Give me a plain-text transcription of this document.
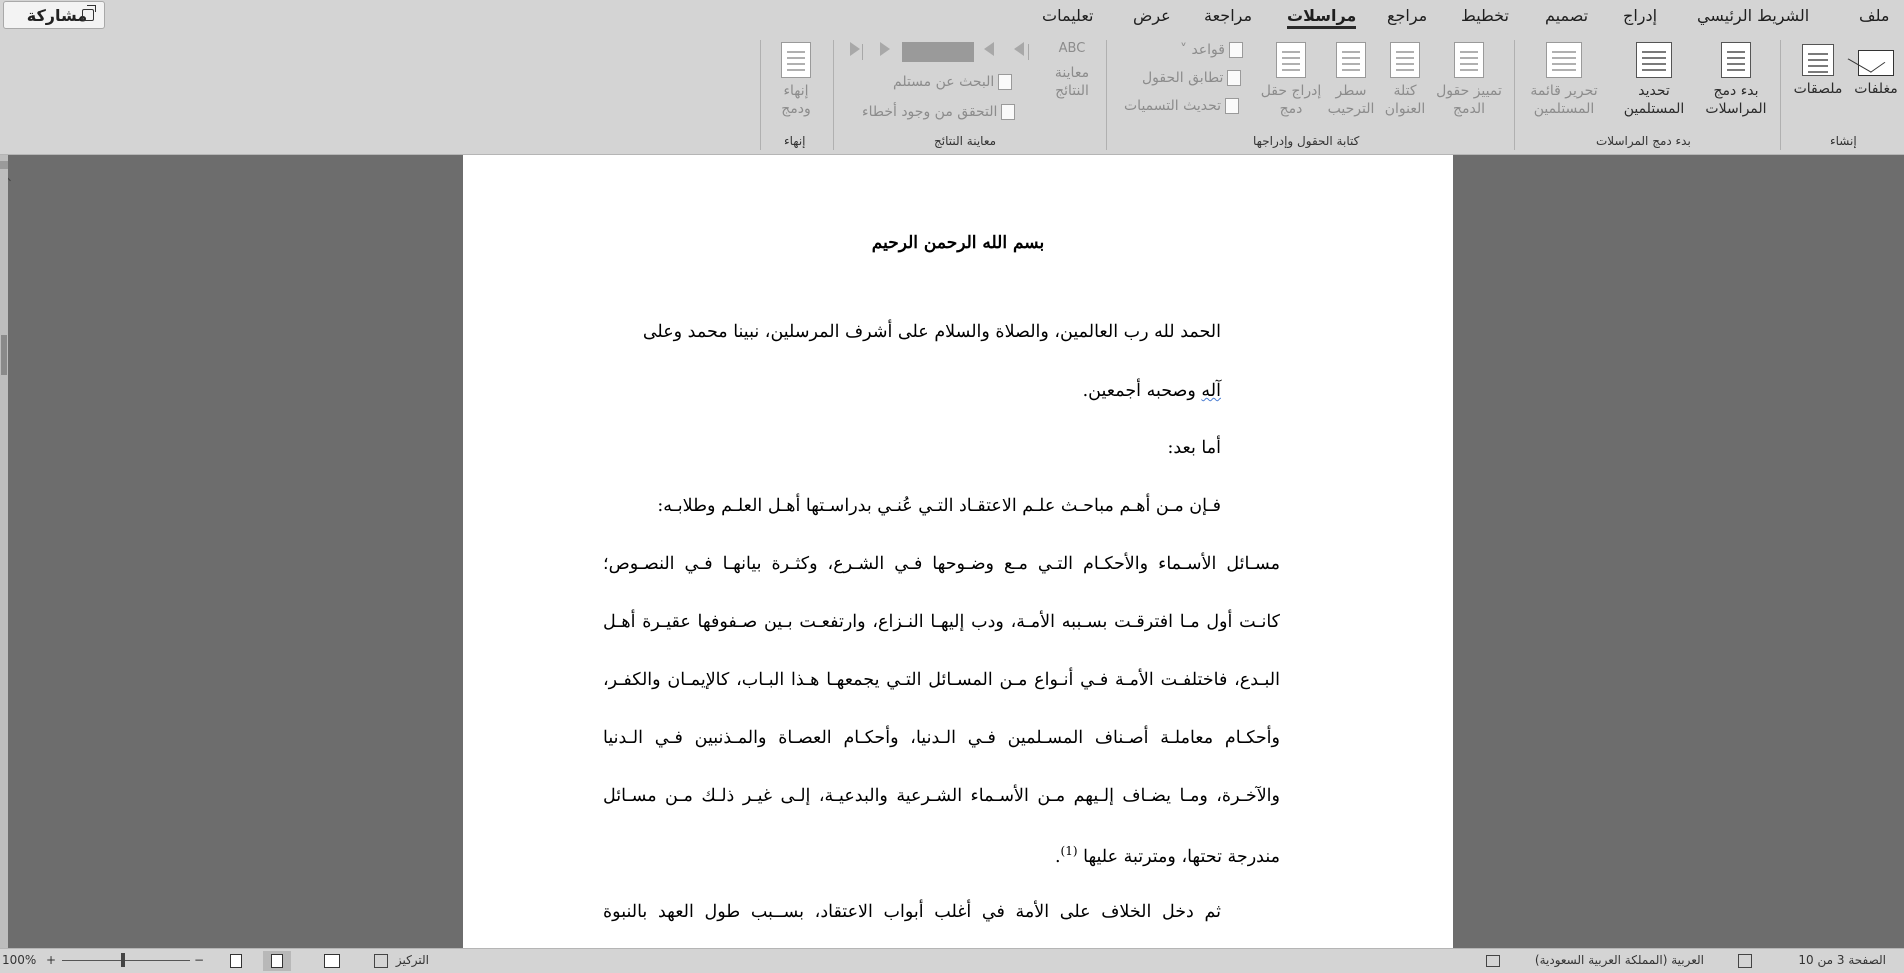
ملف
الشريط الرئيسي
إدراج
تصميم
تخطيط
مراجع
مراسلات
مراجعة
عرض
تعليمات
مشاركة
مغلفات
ملصقات
إنشاء
بدء دمج
المراسلات
تحديد
المستلمين
تحرير قائمة
المستلمين
بدء دمج المراسلات
تمييز حقول
الدمج
كتلة
العنوان
سطر
الترحيب
إدراج حقل
دمج
قواعد ˅
تطابق الحقول
تحديث التسميات
كتابة الحقول وإدراجها
ABC
معاينة
النتائج
البحث عن مستلم
التحقق من وجود أخطاء
معاينة النتائج
إنهاء
ودمج
إنهاء
بسم الله الرحمن الرحيم
الحمد لله رب العالمين، والصلاة والسلام على أشرف المرسلين، نبينا محمد وعلى
آله وصحبه أجمعين.
أما بعد:
فـإن مـن أهـم مباحـث علـم الاعتقـاد التـي عُنـي بدراسـتها أهـل العلـم وطلابـه:
مسـائل الأسـماء والأحكـام التـي مـع وضـوحها فـي الشـرع، وكثـرة بيانهـا فـي النصـوص؛
كانـت أول مـا افترقـت بسـببه الأمـة، ودب إليهـا النـزاع، وارتفعـت بـين صـفوفها عقيـرة أهـل
البـدع، فاختلفـت الأمـة فـي أنـواع مـن المسـائل التـي يجمعهـا هـذا البـاب، كالإيمـان والكفـر،
وأحكـام معاملـة أصـناف المسـلمين فـي الـدنيا، وأحكـام العصـاة والمـذنبين فـي الـدنيا
والآخـرة، ومـا يضـاف إلـيهم مـن الأسـماء الشـرعية والبدعيـة، إلـى غيـر ذلـك مـن مسـائل
مندرجة تحتها، ومترتبة عليها $^{(1)}$.
ثم دخل الخلاف على الأمة في أغلب أبواب الاعتقاد، بســبب طول العهد بالنبوة
الصفحة 3 من 10
العربية (المملكة العربية السعودية)
100% +	−	التركيز
